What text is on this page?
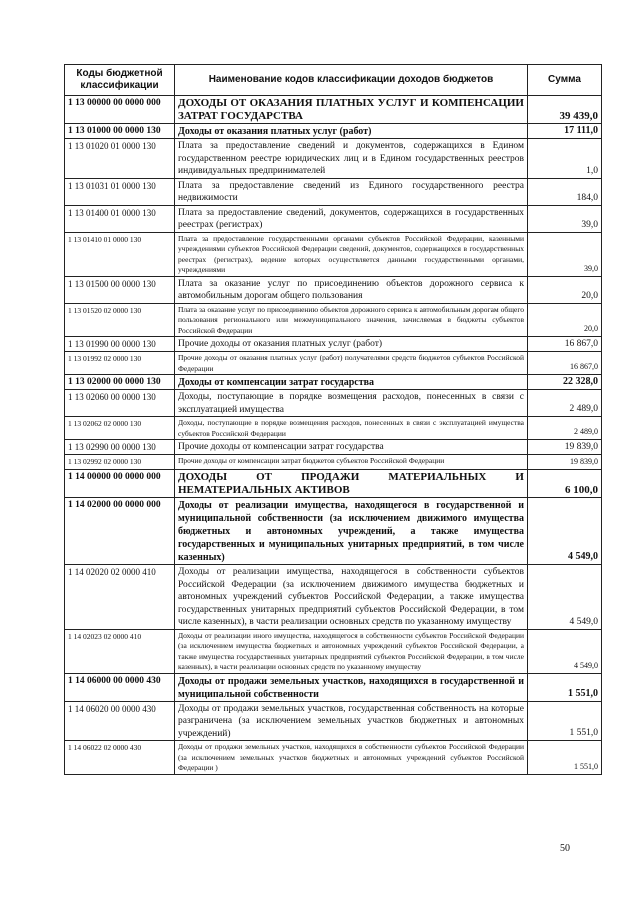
Коды бюджетной классификации	Наименование кодов классификации доходов бюджетов	Сумма
1 13 00000 00 0000 000	ДОХОДЫ ОТ ОКАЗАНИЯ ПЛАТНЫХ УСЛУГ И КОМПЕНСАЦИИ ЗАТРАТ ГОСУДАРСТВА	39 439,0
1 13 01000 00 0000 130	Доходы от оказания платных услуг (работ)	17 111,0
1 13 01020 01 0000 130	Плата за предоставление сведений и документов, содержащихся в Едином государственном реестре юридических лиц и в Едином государственных реестров индивидуальных предпринимателей	1,0
1 13 01031 01 0000 130	Плата за предоставление сведений из Единого государственного реестра недвижимости	184,0
1 13 01400 01 0000 130	Плата за предоставление сведений, документов, содержащихся в государственных реестрах (регистрах)	39,0
1 13 01410 01 0000 130	Плата за предоставление государственными органами субъектов Российской Федерации, казенными учреждениями субъектов Российской Федерации сведений, документов, содержащихся в государственных реестрах (регистрах), ведение которых осуществляется данными государственными органами, учреждениями	39,0
1 13 01500 00 0000 130	Плата за оказание услуг по присоединению объектов дорожного сервиса к автомобильным дорогам общего пользования	20,0
1 13 01520 02 0000 130	Плата за оказание услуг по присоединению объектов дорожного сервиса к автомобильным дорогам общего пользования регионального или межмуниципального значения, зачисляемая в бюджеты субъектов Российской Федерации	20,0
1 13 01990 00 0000 130	Прочие доходы от оказания платных услуг (работ)	16 867,0
1 13 01992 02 0000 130	Прочие доходы от оказания платных услуг (работ) получателями средств бюджетов субъектов Российской Федерации	16 867,0
1 13 02000 00 0000 130	Доходы от компенсации затрат государства	22 328,0
1 13 02060 00 0000 130	Доходы, поступающие в порядке возмещения расходов, понесенных в связи с эксплуатацией имущества	2 489,0
1 13 02062 02 0000 130	Доходы, поступающие в порядке возмещения расходов, понесенных в связи с эксплуатацией имущества субъектов Российской Федерации	2 489,0
1 13 02990 00 0000 130	Прочие доходы от компенсации затрат государства	19 839,0
1 13 02992 02 0000 130	Прочие доходы от компенсации затрат бюджетов субъектов Российской Федерации	19 839,0
1 14 00000 00 0000 000	ДОХОДЫ ОТ ПРОДАЖИ МАТЕРИАЛЬНЫХ И НЕМАТЕРИАЛЬНЫХ АКТИВОВ	6 100,0
1 14 02000 00 0000 000	Доходы от реализации имущества, находящегося в государственной и муниципальной собственности (за исключением движимого имущества бюджетных и автономных учреждений, а также имущества государственных и муниципальных унитарных предприятий, в том числе казенных)	4 549,0
1 14 02020 02 0000 410	Доходы от реализации имущества, находящегося в собственности субъектов Российской Федерации (за исключением движимого имущества бюджетных и автономных учреждений субъектов Российской Федерации, а также имущества государственных унитарных предприятий субъектов Российской Федерации, в том числе казенных), в части реализации основных средств по указанному имуществу	4 549,0
1 14 02023 02 0000 410	Доходы от реализации иного имущества, находящегося в собственности субъектов Российской Федерации (за исключением имущества бюджетных и автономных учреждений субъектов Российской Федерации, а также имущества государственных унитарных предприятий субъектов Российской Федерации, в том числе казенных), в части реализации основных средств по указанному имуществу	4 549,0
1 14 06000 00 0000 430	Доходы от продажи земельных участков, находящихся в государственной и муниципальной собственности	1 551,0
1 14 06020 00 0000 430	Доходы от продажи земельных участков, государственная собственность на которые разграничена (за исключением земельных участков бюджетных и автономных учреждений)	1 551,0
1 14 06022 02 0000 430	Доходы от продажи земельных участков, находящихся в собственности субъектов Российской Федерации (за исключением земельных участков бюджетных и автономных учреждений субъектов Российской Федерации )	1 551,0
50
